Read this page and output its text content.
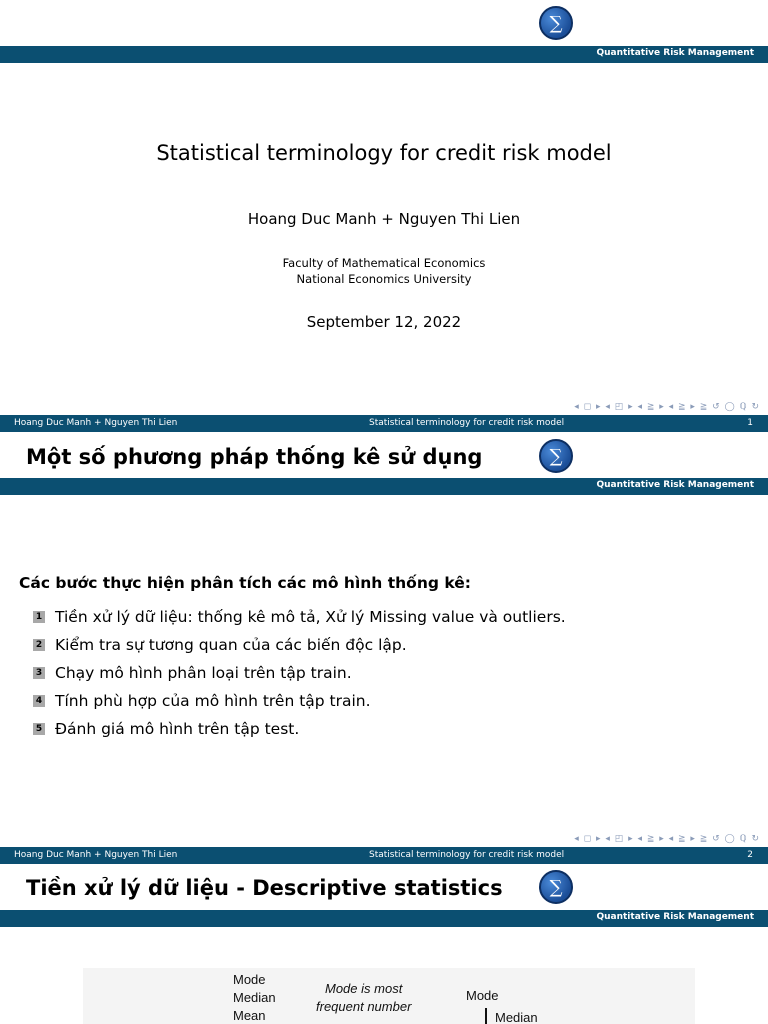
∑
Quantitative Risk Management
Statistical terminology for credit risk model
Hoang Duc Manh + Nguyen Thi Lien
Faculty of Mathematical Economics
National Economics University
September 12, 2022
◂ ◻ ▸ ◂ ◰ ▸ ◂ ≧ ▸ ◂ ≧ ▸ ≧ ↺ ◯ ℚ ↻
Hoang Duc Manh + Nguyen Thi Lien	Statistical terminology for credit risk model	1
Một số phương pháp thống kê sử dụng	∑
Quantitative Risk Management
Các bước thực hiện phân tích các mô hình thống kê:
1 Tiền xử lý dữ liệu: thống kê mô tả, Xử lý Missing value và outliers.
2 Kiểm tra sự tương quan của các biến độc lập.
3 Chạy mô hình phân loại trên tập train.
4 Tính phù hợp của mô hình trên tập train.
5 Đánh giá mô hình trên tập test.
◂ ◻ ▸ ◂ ◰ ▸ ◂ ≧ ▸ ◂ ≧ ▸ ≧ ↺ ◯ ℚ ↻
Hoang Duc Manh + Nguyen Thi Lien	Statistical terminology for credit risk model	2
Tiền xử lý dữ liệu - Descriptive statistics	∑
Quantitative Risk Management
Mode
Median
Mean
Mode is most
frequent number
Mode
Median
